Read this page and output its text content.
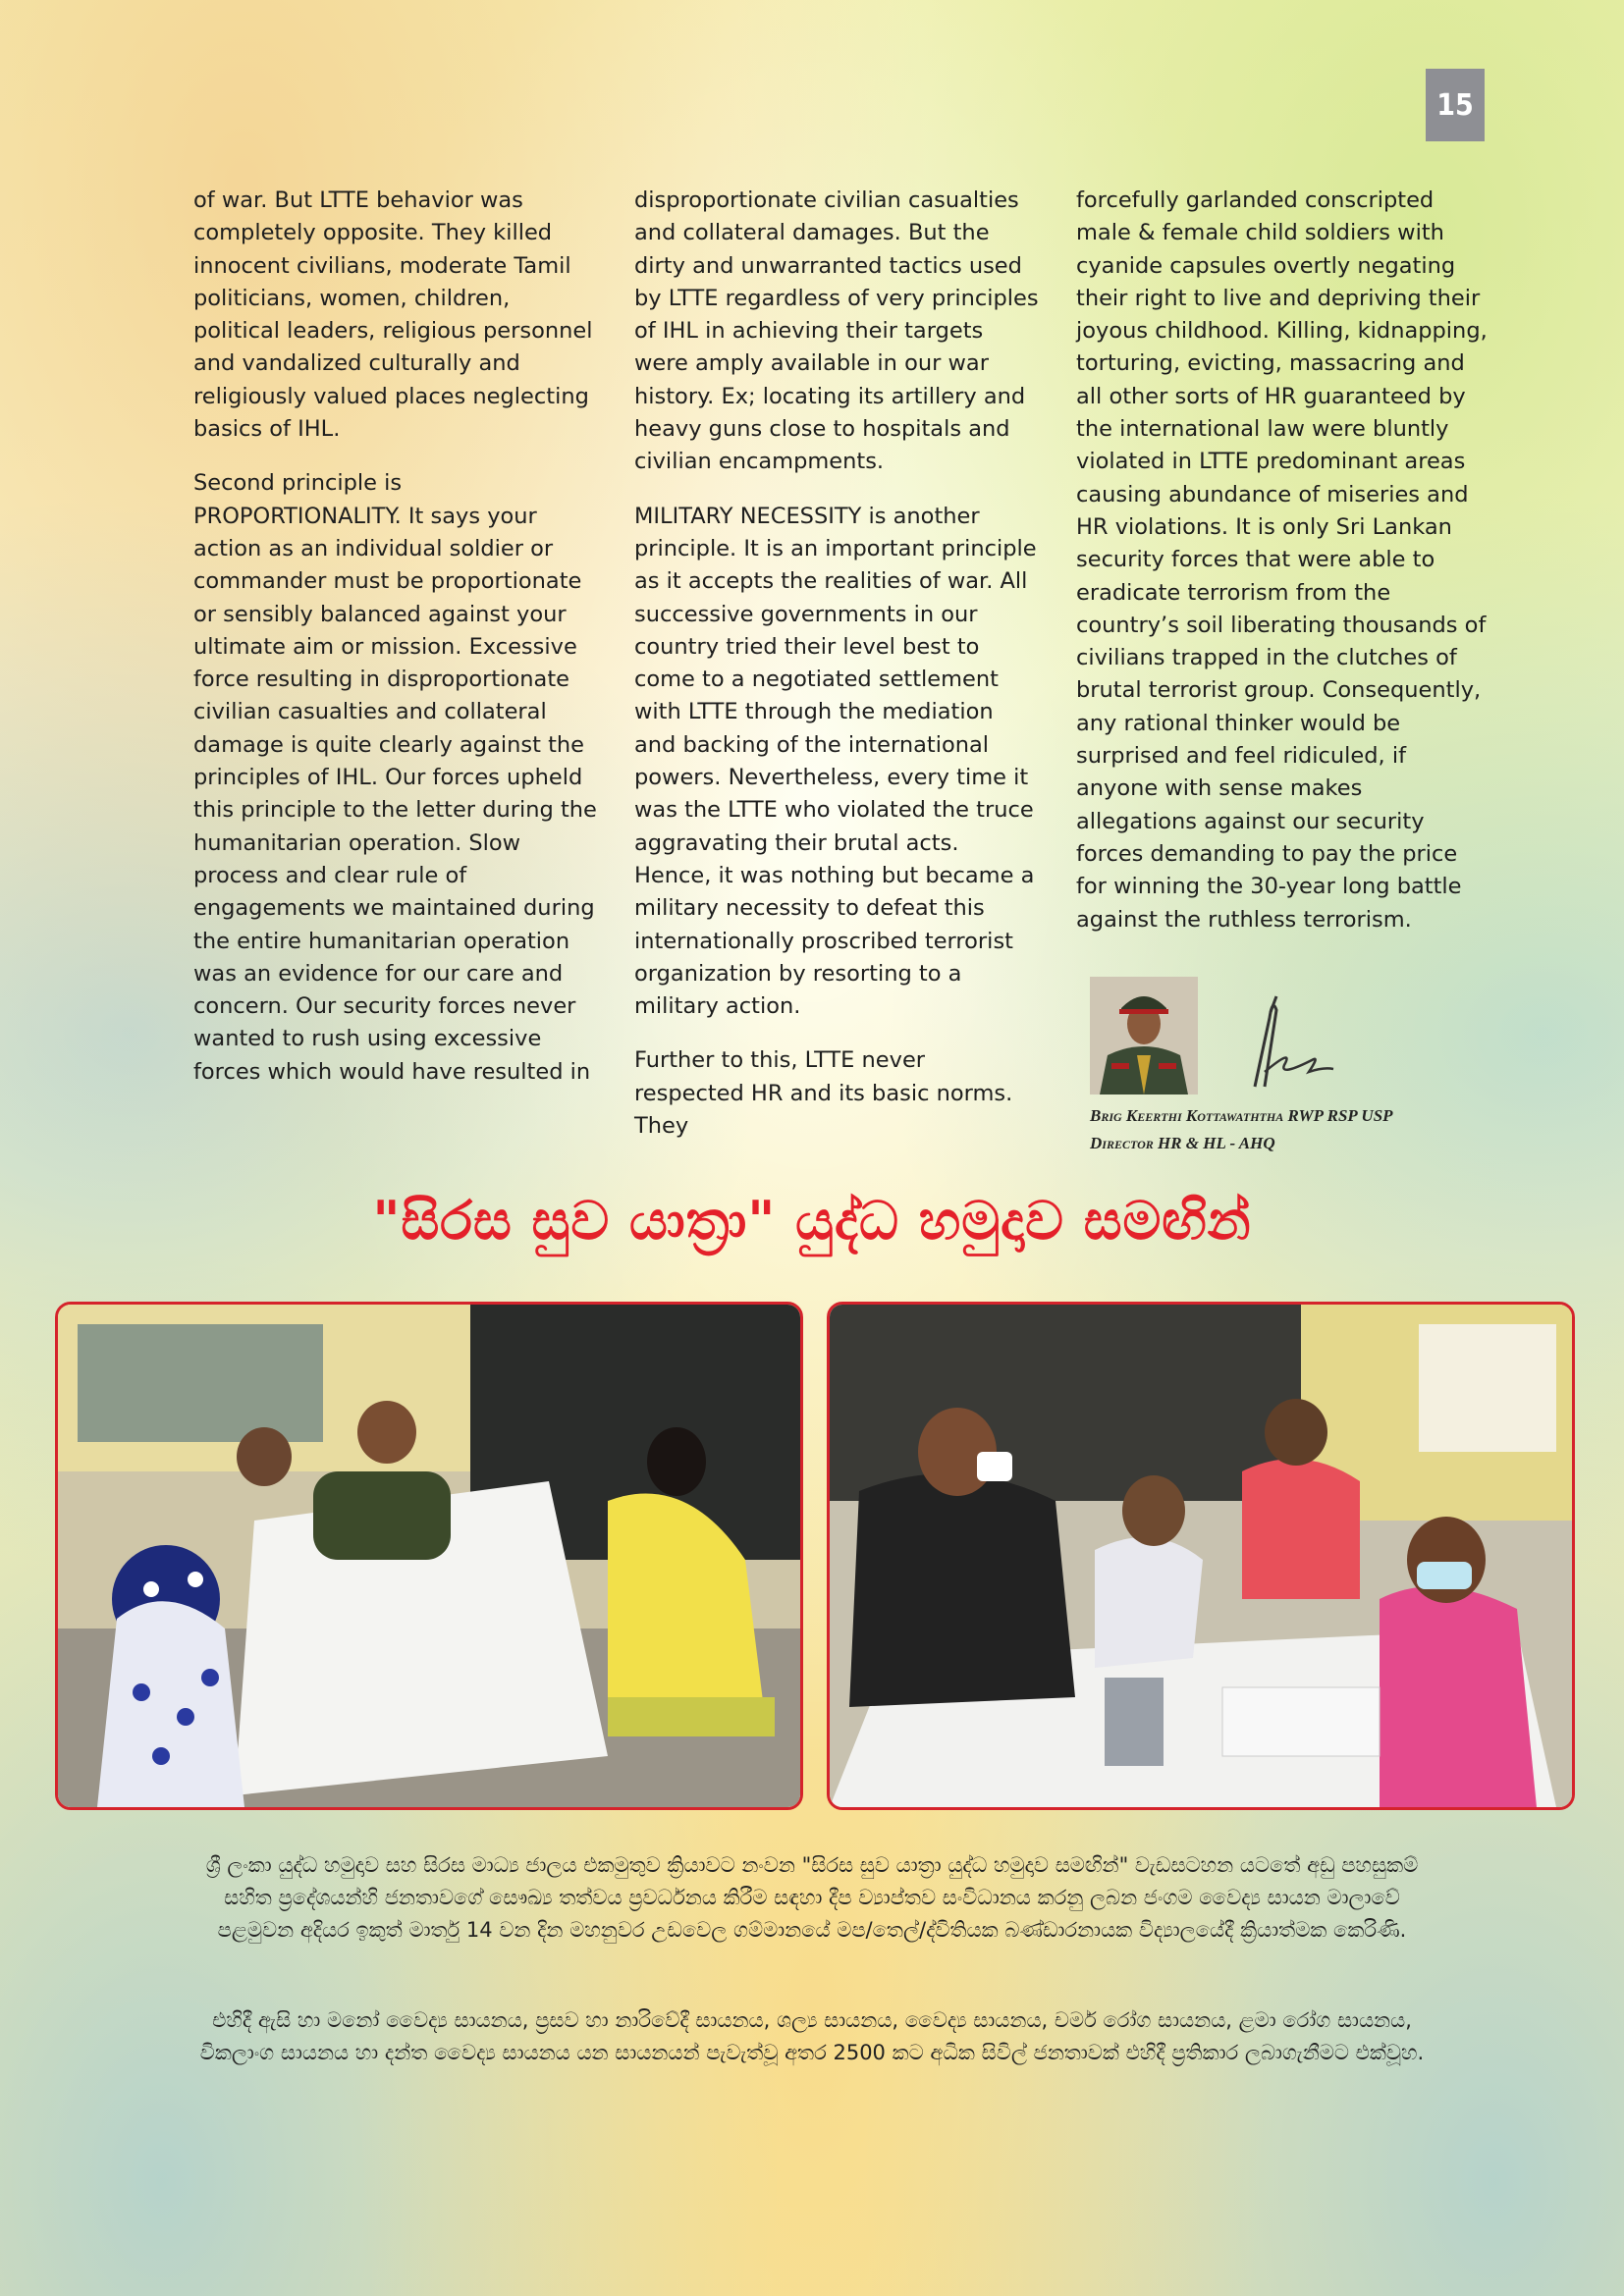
15

of war. But LTTE behavior was completely opposite. They killed innocent civilians, moderate Tamil politicians, women, children, political leaders, religious personnel and vandalized culturally and religiously valued places neglecting basics of IHL.

Second principle is PROPORTIONALITY. It says your action as an individual soldier or commander must be proportionate or sensibly balanced against your ultimate aim or mission. Excessive force resulting in disproportionate civilian casualties and collateral damage is quite clearly against the principles of IHL. Our forces upheld this principle to the letter during the humanitarian operation. Slow process and clear rule of engagements we maintained during the entire humanitarian operation was an evidence for our care and concern. Our security forces never wanted to rush using excessive forces which would have resulted in

disproportionate civilian casualties and collateral damages. But the dirty and unwarranted tactics used by LTTE regardless of very principles of IHL in achieving their targets were amply available in our war history. Ex; locating its artillery and heavy guns close to hospitals and civilian encampments.

MILITARY NECESSITY is another principle. It is an important principle as it accepts the realities of war. All successive governments in our country tried their level best to come to a negotiated settlement with LTTE through the mediation and backing of the international powers. Nevertheless, every time it was the LTTE who violated the truce aggravating their brutal acts. Hence, it was nothing but became a military necessity to defeat this internationally proscribed terrorist organization by resorting to a military action.

Further to this, LTTE never respected HR and its basic norms. They

forcefully garlanded conscripted male & female child soldiers with cyanide capsules overtly negating their right to live and depriving their joyous childhood. Killing, kidnapping, torturing, evicting, massacring and all other sorts of HR guaranteed by the international law were bluntly violated in LTTE predominant areas causing abundance of miseries and HR violations. It is only Sri Lankan security forces that were able to eradicate terrorism from the country’s soil liberating thousands of civilians trapped in the clutches of brutal terrorist group. Consequently, any rational thinker would be surprised and feel ridiculed, if anyone with sense makes allegations against our security forces demanding to pay the price for winning the 30-year long battle against the ruthless terrorism.

Brig Keerthi Kottawaththa RWP RSP USP
Director HR & HL - AHQ
"සිරස සුව යාත්‍රා" යුද්ධ හමුදාව සමඟින්
ශ්‍රී ලංකා යුද්ධ හමුදාව සහ සිරස මාධ්‍ය ජාලය එකමුතුව ක්‍රියාවට නංවන "සිරස සුව යාත්‍රා යුද්ධ හමුදාව සමඟින්" වැඩසටහන යටතේ අඩු පහසුකම් සහිත ප්‍රදේශයන්හි ජනතාවගේ සෞඛ්‍ය තත්වය ප්‍රවර්ධනය කිරීම සඳහා දීප ව්‍යාප්තව සංවිධානය කරනු ලබන ජංගම වෛද්‍ය සායන මාලාවේ පළමුවන අදියර ඉකුත් මාර්තු 14 වන දින මහනුවර උඩවෙල ගම්මානයේ මප/තෙල්/ද්විතියක බණ්ඩාරනායක විද්‍යාලයේදී ක්‍රියාත්මක කෙරිණි.
එහිදී ඇසි හා මනෝ වෛද්‍ය සායනය, ප්‍රසව හා නාරිවේදී සායනය, ශල්‍ය සායනය, වෛද්‍ය සායනය, චර්ම රෝග සායනය, ළමා රෝග සායනය, විකලාංග සායනය හා දන්ත වෛද්‍ය සායනය යන සායනයන් පැවැත්වූ අතර 2500 කට අධික සිවිල් ජනතාවක් එහිදී ප්‍රතිකාර ලබාගැනීමට එක්වූහ.
